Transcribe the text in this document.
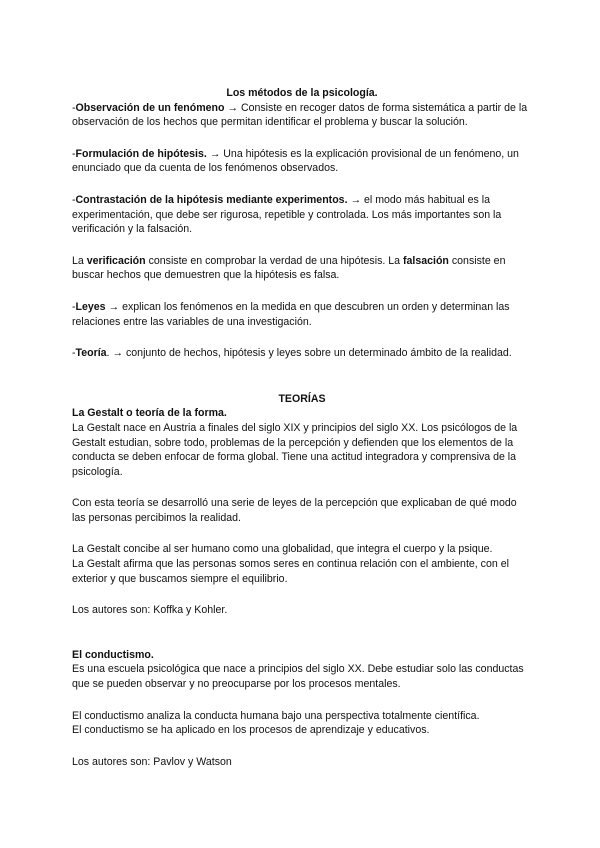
Los métodos de la psicología.

-Observación de un fenómeno → Consiste en recoger datos de forma sistemática a partir de la observación de los hechos que permitan identificar el problema y buscar la solución.

-Formulación de hipótesis. → Una hipótesis es la explicación provisional de un fenómeno, un enunciado que da cuenta de los fenómenos observados.

-Contrastación de la hipótesis mediante experimentos. → el modo más habitual es la experimentación, que debe ser rigurosa, repetible y controlada. Los más importantes son la verificación y la falsación.

La verificación consiste en comprobar la verdad de una hipótesis. La falsación consiste en buscar hechos que demuestren que la hipótesis es falsa.

-Leyes → explican los fenómenos en la medida en que descubren un orden y determinan las relaciones entre las variables de una investigación.

-Teoría. → conjunto de hechos, hipótesis y leyes sobre un determinado ámbito de la realidad.

TEORÍAS

La Gestalt o teoría de la forma.

La Gestalt nace en Austria a finales del siglo XIX y principios del siglo XX. Los psicólogos de la Gestalt estudian, sobre todo, problemas de la percepción y defienden que los elementos de la conducta se deben enfocar de forma global. Tiene una actitud integradora y comprensiva de la psicología.

Con esta teoría se desarrolló una serie de leyes de la percepción que explicaban de qué modo las personas percibimos la realidad.

La Gestalt concibe al ser humano como una globalidad, que integra el cuerpo y la psique.

La Gestalt afirma que las personas somos seres en continua relación con el ambiente, con el exterior y que buscamos siempre el equilibrio.

Los autores son: Koffka y Kohler.

El conductismo.

Es una escuela psicológica que nace a principios del siglo XX. Debe estudiar solo las conductas que se pueden observar y no preocuparse por los procesos mentales.

El conductismo analiza la conducta humana bajo una perspectiva totalmente científica.

El conductismo se ha aplicado en los procesos de aprendizaje y educativos.

Los autores son: Pavlov y Watson
